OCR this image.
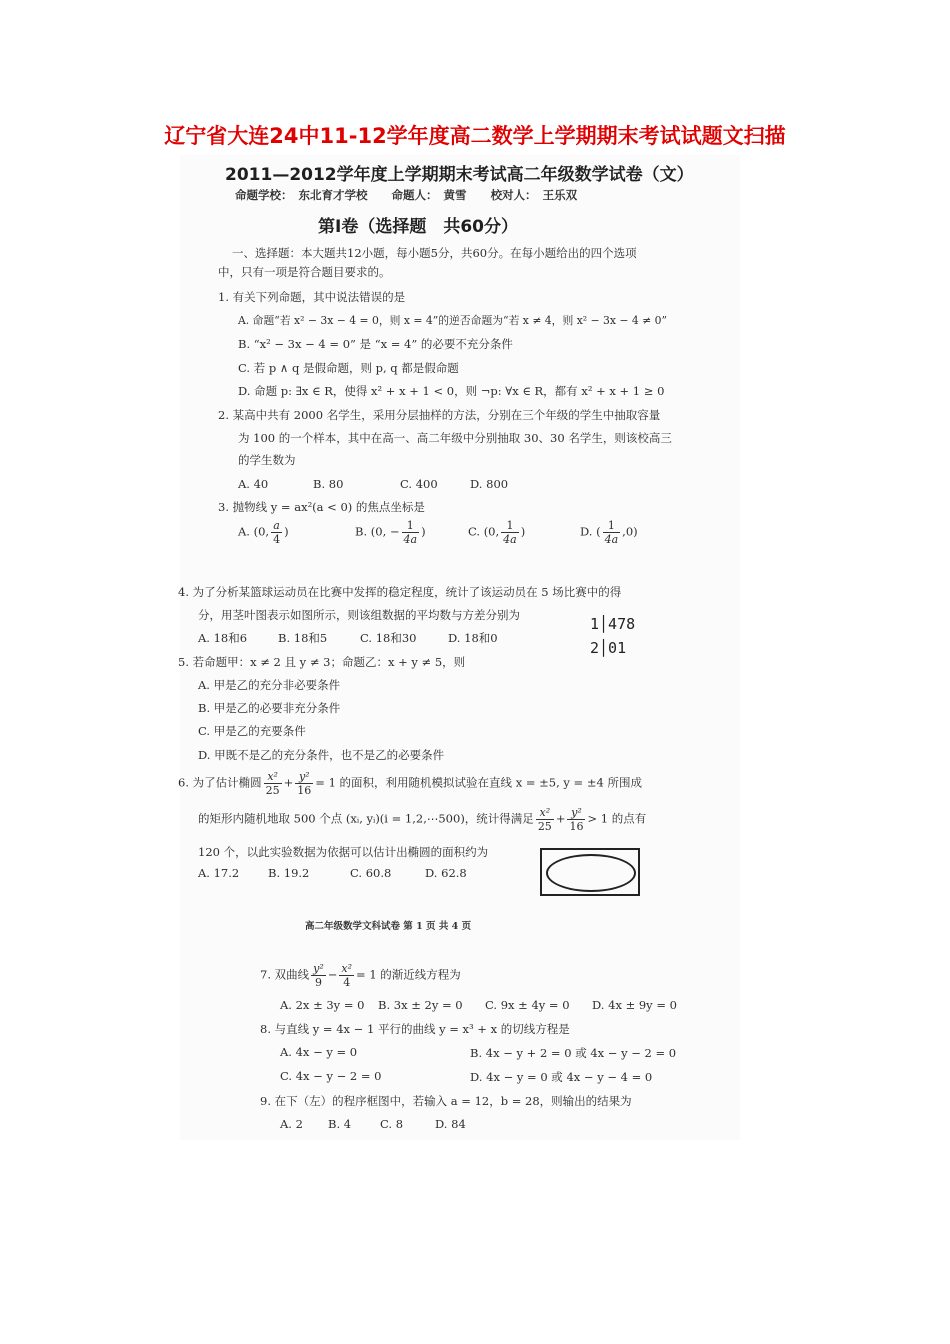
辽宁省大连24中11-12学年度高二数学上学期期末考试试题文扫描
2011—2012学年度上学期期末考试高二年级数学试卷（文）
命题学校： 东北育才学校 命题人： 黄雪 校对人： 王乐双
第I卷（选择题　共60分）
一、选择题：本大题共12小题，每小题5分，共60分。在每小题给出的四个选项
中，只有一项是符合题目要求的。
1. 有关下列命题，其中说法错误的是
A. 命题“若 x² − 3x − 4 = 0，则 x = 4”的逆否命题为“若 x ≠ 4，则 x² − 3x − 4 ≠ 0”
B. “x² − 3x − 4 = 0” 是 “x = 4” 的必要不充分条件
C. 若 p ∧ q 是假命题，则 p, q 都是假命题
D. 命题 p: ∃x ∈ R，使得 x² + x + 1 < 0，则 ¬p: ∀x ∈ R，都有 x² + x + 1 ≥ 0
2. 某高中共有 2000 名学生，采用分层抽样的方法，分别在三个年级的学生中抽取容量
为 100 的一个样本，其中在高一、高二年级中分别抽取 30、30 名学生，则该校高三
的学生数为
A. 40	B. 80	C. 400	D. 800
3. 抛物线 y = ax²(a < 0) 的焦点坐标是
A. (0, $\frac{a}{4}$ )	B. (0, − $\frac{1}{4a}$ )	C. (0, $\frac{1}{4a}$ )	D. ( $\frac{1}{4a} ,0$)
4. 为了分析某篮球运动员在比赛中发挥的稳定程度，统计了该运动员在 5 场比赛中的得
分，用茎叶图表示如图所示，则该组数据的平均数与方差分别为
A. 18和6	B. 18和5	C. 18和30	D. 18和0
1│478
2│01
5. 若命题甲：x ≠ 2 且 y ≠ 3；命题乙：x + y ≠ 5，则
A. 甲是乙的充分非必要条件
B. 甲是乙的必要非充分条件
C. 甲是乙的充要条件
D. 甲既不是乙的充分条件，也不是乙的必要条件
6. 为了估计椭圆 $\frac{\text{x²}}{25} + \frac{\text{y²}}{16} = 1$ 的面积，利用随机模拟试验在直线 x = ±5, y = ±4 所围成
的矩形内随机地取 500 个点 (xᵢ, yᵢ)(i = 1,2,⋯500)，统计得满足 $\frac{\text{x²}}{25} + \frac{\text{y²}}{16} > 1$ 的点有
120 个，以此实验数据为依据可以估计出椭圆的面积约为
A. 17.2	B. 19.2	C. 60.8	D. 62.8
高二年级数学文科试卷 第 1 页 共 4 页
7. 双曲线 $\frac{\text{y²}}{9} - \frac{\text{x²}}{4} = 1$ 的渐近线方程为
A. 2x ± 3y = 0 B. 3x ± 2y = 0 C. 9x ± 4y = 0 D. 4x ± 9y = 0
8. 与直线 y = 4x − 1 平行的曲线 y = x³ + x 的切线方程是
A. 4x − y = 0	B. 4x − y + 2 = 0 或 4x − y − 2 = 0
C. 4x − y − 2 = 0	D. 4x − y = 0 或 4x − y − 4 = 0
9. 在下（左）的程序框图中，若输入 a = 12，b = 28，则输出的结果为
A. 2 B. 4	C. 8	D. 84
